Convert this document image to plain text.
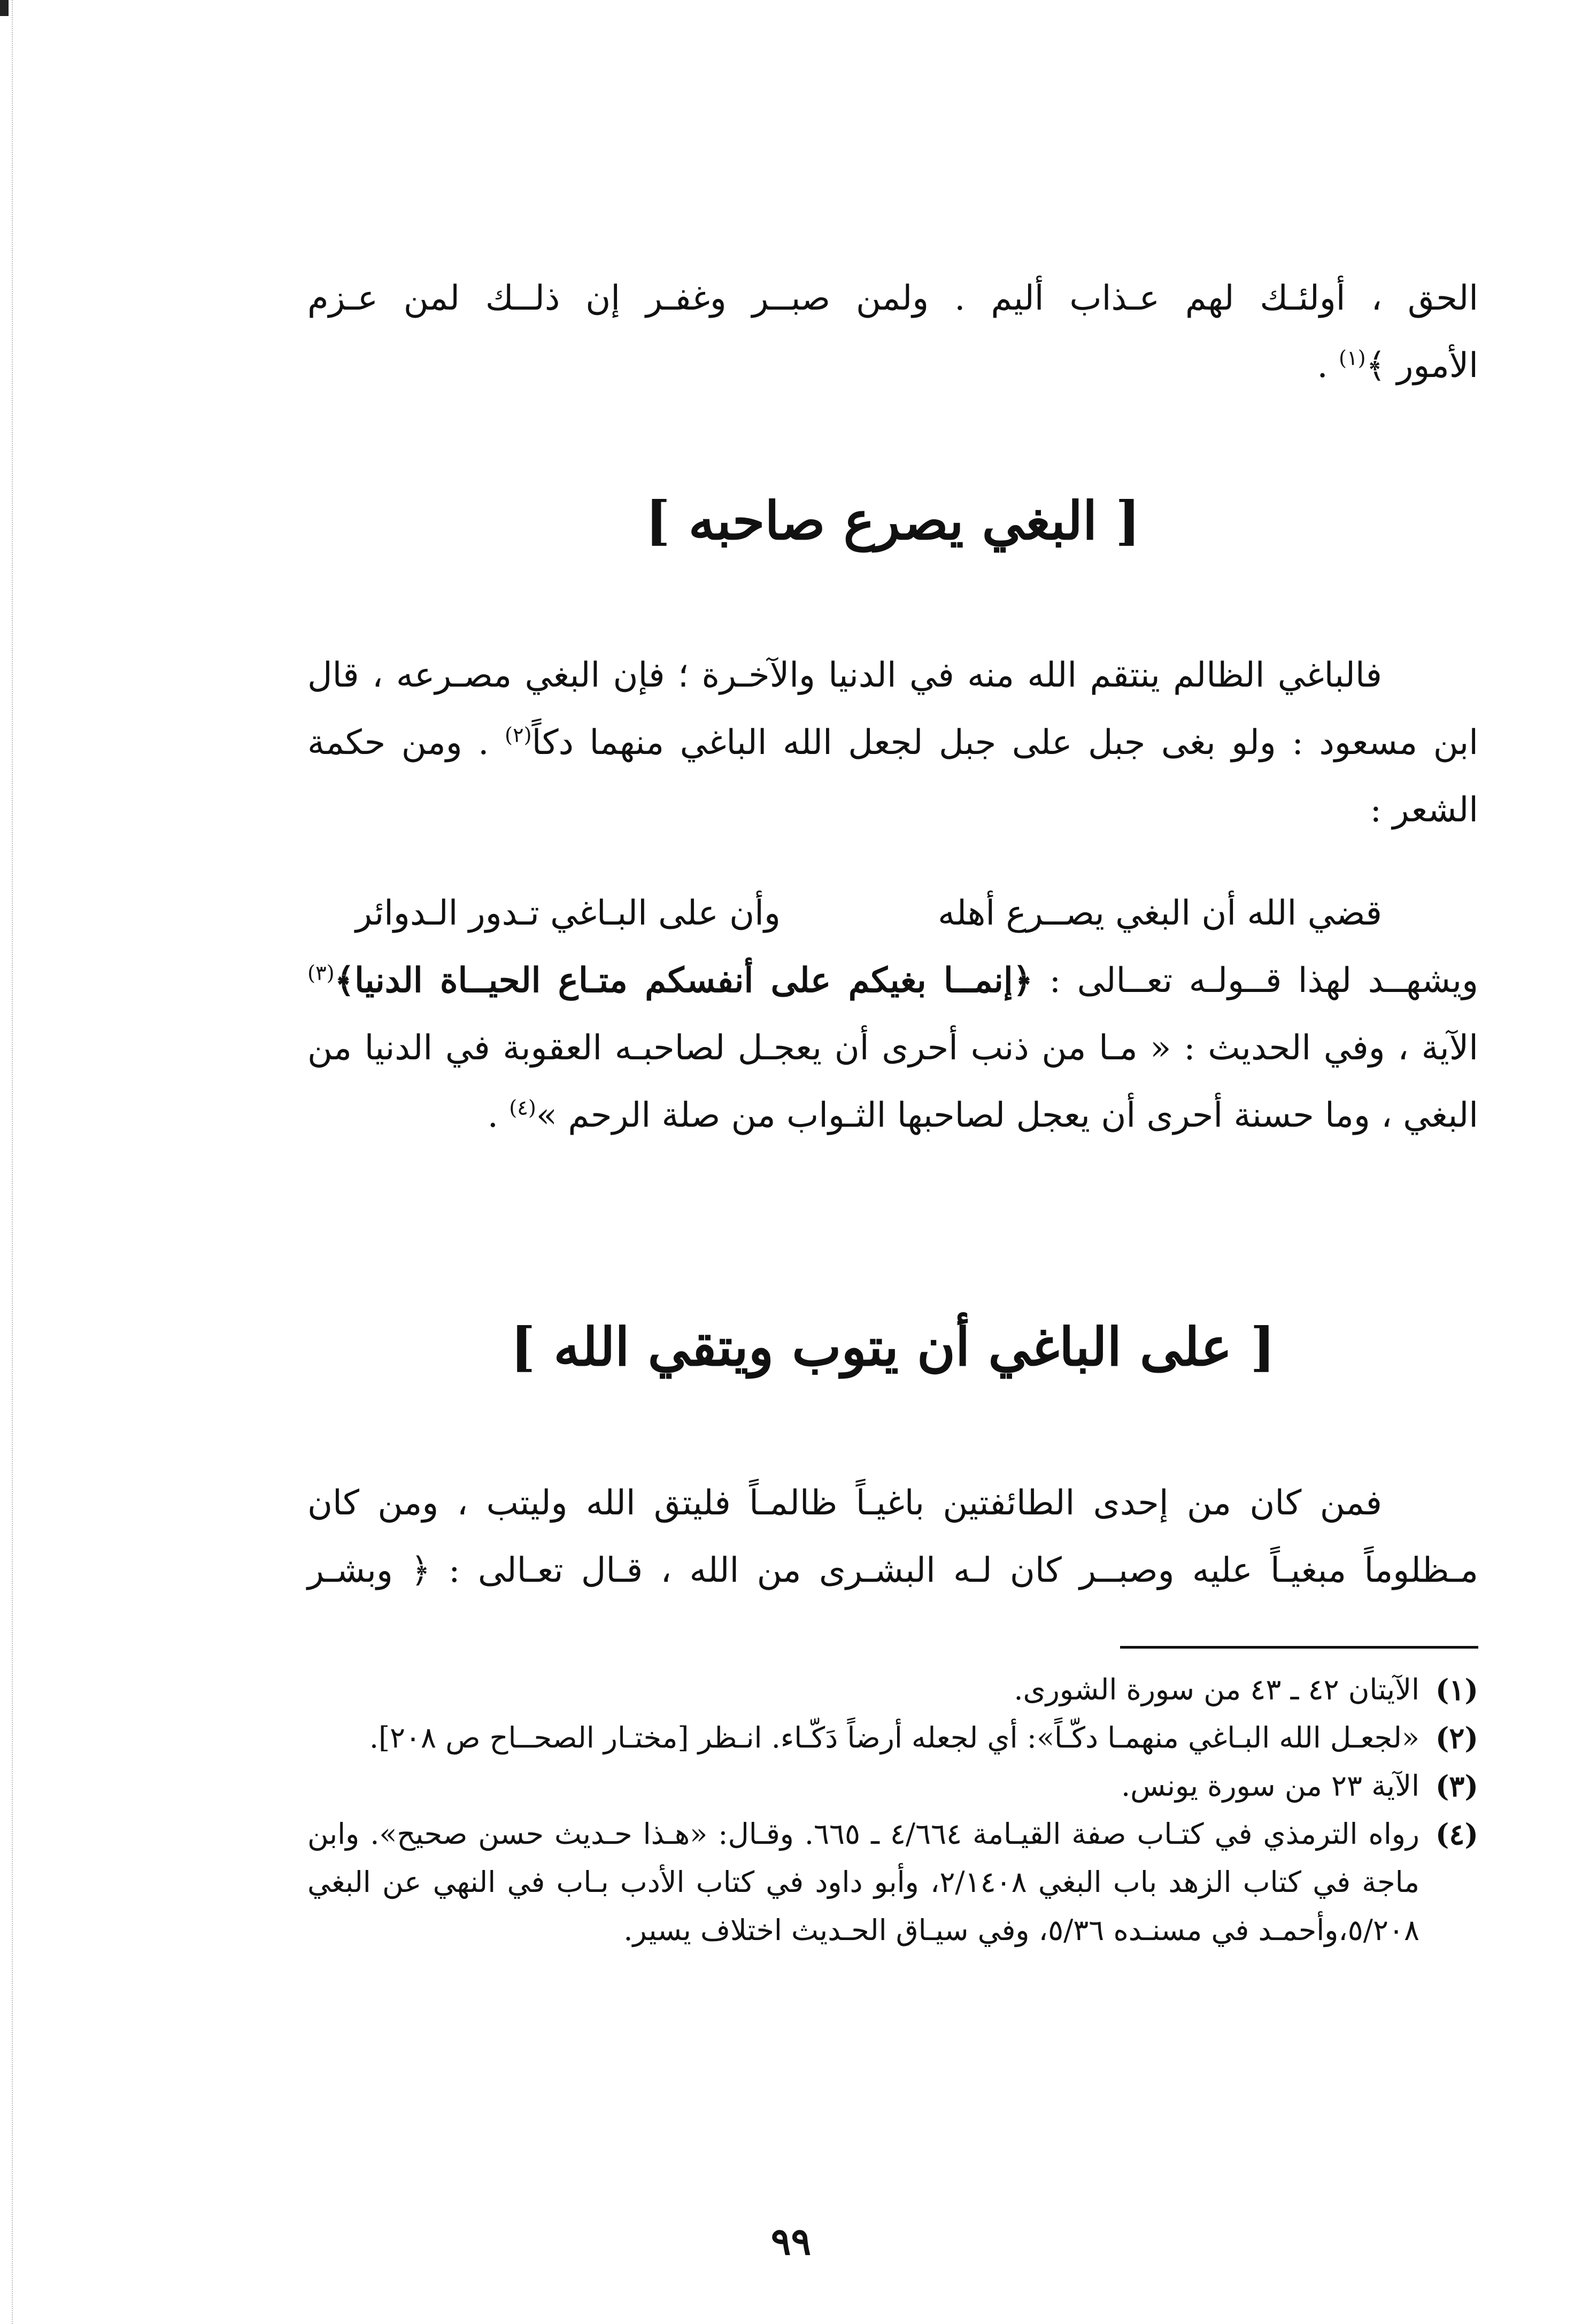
الحق ، أولئـك لهم عـذاب أليم . ولمن صبــر وغفـر إن ذلــك لمن عـزم

الأمور ﴾$^{(١)}$ .

[ البغي يصرع صاحبه ]

فالباغي الظالم ينتقم الله منه في الدنيا والآخـرة ؛ فإن البغي مصـرعه ، قال ابن مسعود : ولو بغى جبل على جبل لجعل الله الباغي منهما دكاً$^{(٢)}$ . ومن حكمة الشعر :

قضي الله أن البغي يصــرع أهله
وأن على البـاغي تـدور الـدوائر

ويشهــد لهذا قــولـه تعــالى : ﴿إنمــا بغيكم على أنفسكم متـاع الحيــاة الدنيا﴾$^{(٣)}$ الآية ، وفي الحديث : « مـا من ذنب أحرى أن يعجـل لصاحبـه العقوبة في الدنيا من البغي ، وما حسنة أحرى أن يعجل لصاحبها الثـواب من صلة الرحم »$^{(٤)}$ .

[ على الباغي أن يتوب ويتقي الله ]

فمن كان من إحدى الطائفتين باغيـاً ظالمـاً فليتق الله وليتب ، ومن كان مـظلوماً مبغيـاً عليه وصبــر كان لـه البشـرى من الله ، قـال تعـالى : ﴿ وبشـر

(١)
الآيتان ٤٢ ـ ٤٣ من سورة الشورى.

(٢)
«لجعـل الله البـاغي منهمـا دكّـاً»: أي لجعله أرضاً دَكّـاء. انـظر [مختـار الصحــاح ص ٢٠٨].

(٣)
الآية ٢٣ من سورة يونس.

(٤)
رواه الترمذي في كتـاب صفة القيـامة ٤/٦٦٤ ـ ٦٦٥. وقـال: «هـذا حـديث حسن صحيح». وابن ماجة في كتاب الزهد باب البغي ٢/١٤٠٨، وأبو داود في كتاب الأدب بـاب في النهي عن البغي ٥/٢٠٨،وأحمـد في مسنـده ٥/٣٦، وفي سيـاق الحـديث اختلاف يسير.

٩٩
